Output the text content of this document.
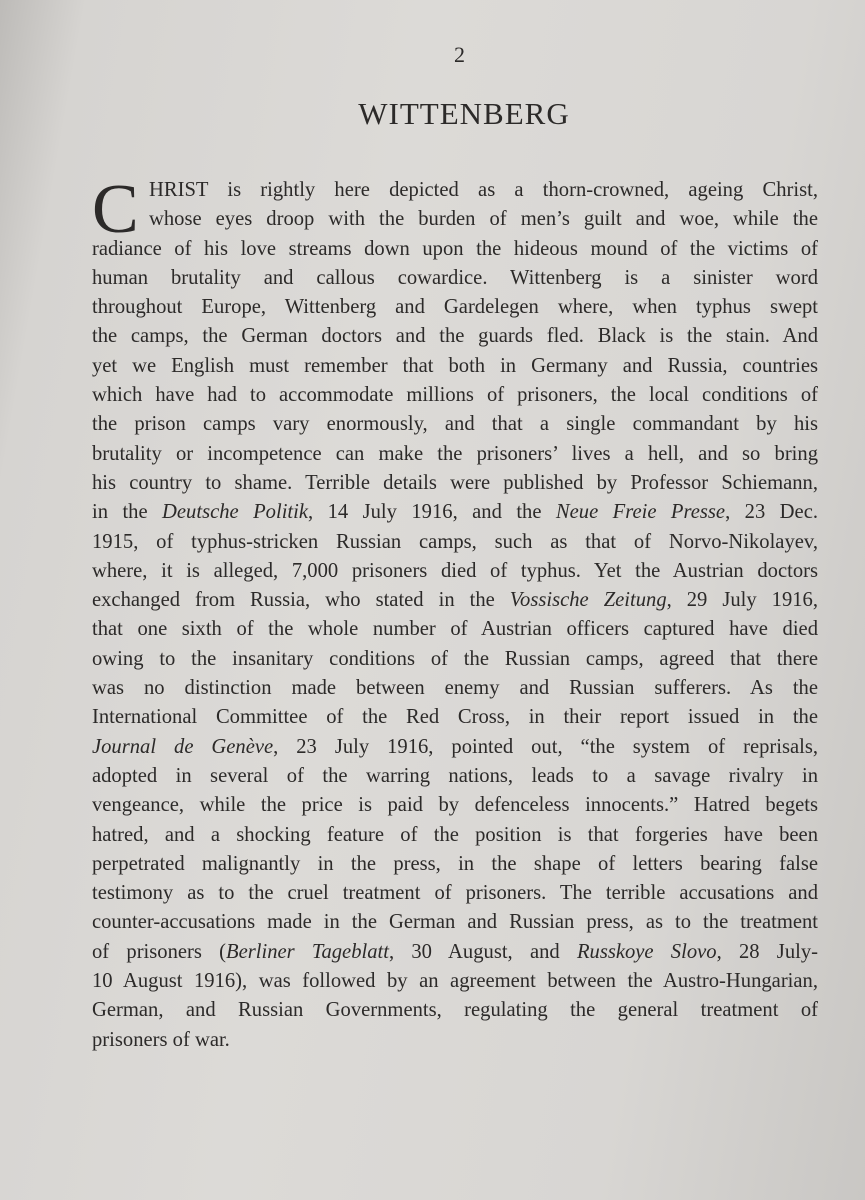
2
WITTENBERG
C HRIST is rightly here depicted as a thorn-crowned, ageing Christ,
whose eyes droop with the burden of men’s guilt and woe, while the
radiance of his love streams down upon the hideous mound of the victims of
human brutality and callous cowardice. Wittenberg is a sinister word
throughout Europe, Wittenberg and Gardelegen where, when typhus swept
the camps, the German doctors and the guards fled. Black is the stain. And
yet we English must remember that both in Germany and Russia, countries
which have had to accommodate millions of prisoners, the local conditions of
the prison camps vary enormously, and that a single commandant by his
brutality or incompetence can make the prisoners’ lives a hell, and so bring
his country to shame. Terrible details were published by Professor Schiemann,
in the Deutsche Politik, 14 July 1916, and the Neue Freie Presse, 23 Dec.
1915, of typhus-stricken Russian camps, such as that of Norvo-Nikolayev,
where, it is alleged, 7,000 prisoners died of typhus. Yet the Austrian doctors
exchanged from Russia, who stated in the Vossische Zeitung, 29 July 1916,
that one sixth of the whole number of Austrian officers captured have died
owing to the insanitary conditions of the Russian camps, agreed that there
was no distinction made between enemy and Russian sufferers. As the
International Committee of the Red Cross, in their report issued in the
Journal de Genève, 23 July 1916, pointed out, “the system of reprisals,
adopted in several of the warring nations, leads to a savage rivalry in
vengeance, while the price is paid by defenceless innocents.” Hatred begets
hatred, and a shocking feature of the position is that forgeries have been
perpetrated malignantly in the press, in the shape of letters bearing false
testimony as to the cruel treatment of prisoners. The terrible accusations and
counter-accusations made in the German and Russian press, as to the treatment
of prisoners (Berliner Tageblatt, 30 August, and Russkoye Slovo, 28 July-
10 August 1916), was followed by an agreement between the Austro-Hungarian,
German, and Russian Governments, regulating the general treatment of
prisoners of war.
